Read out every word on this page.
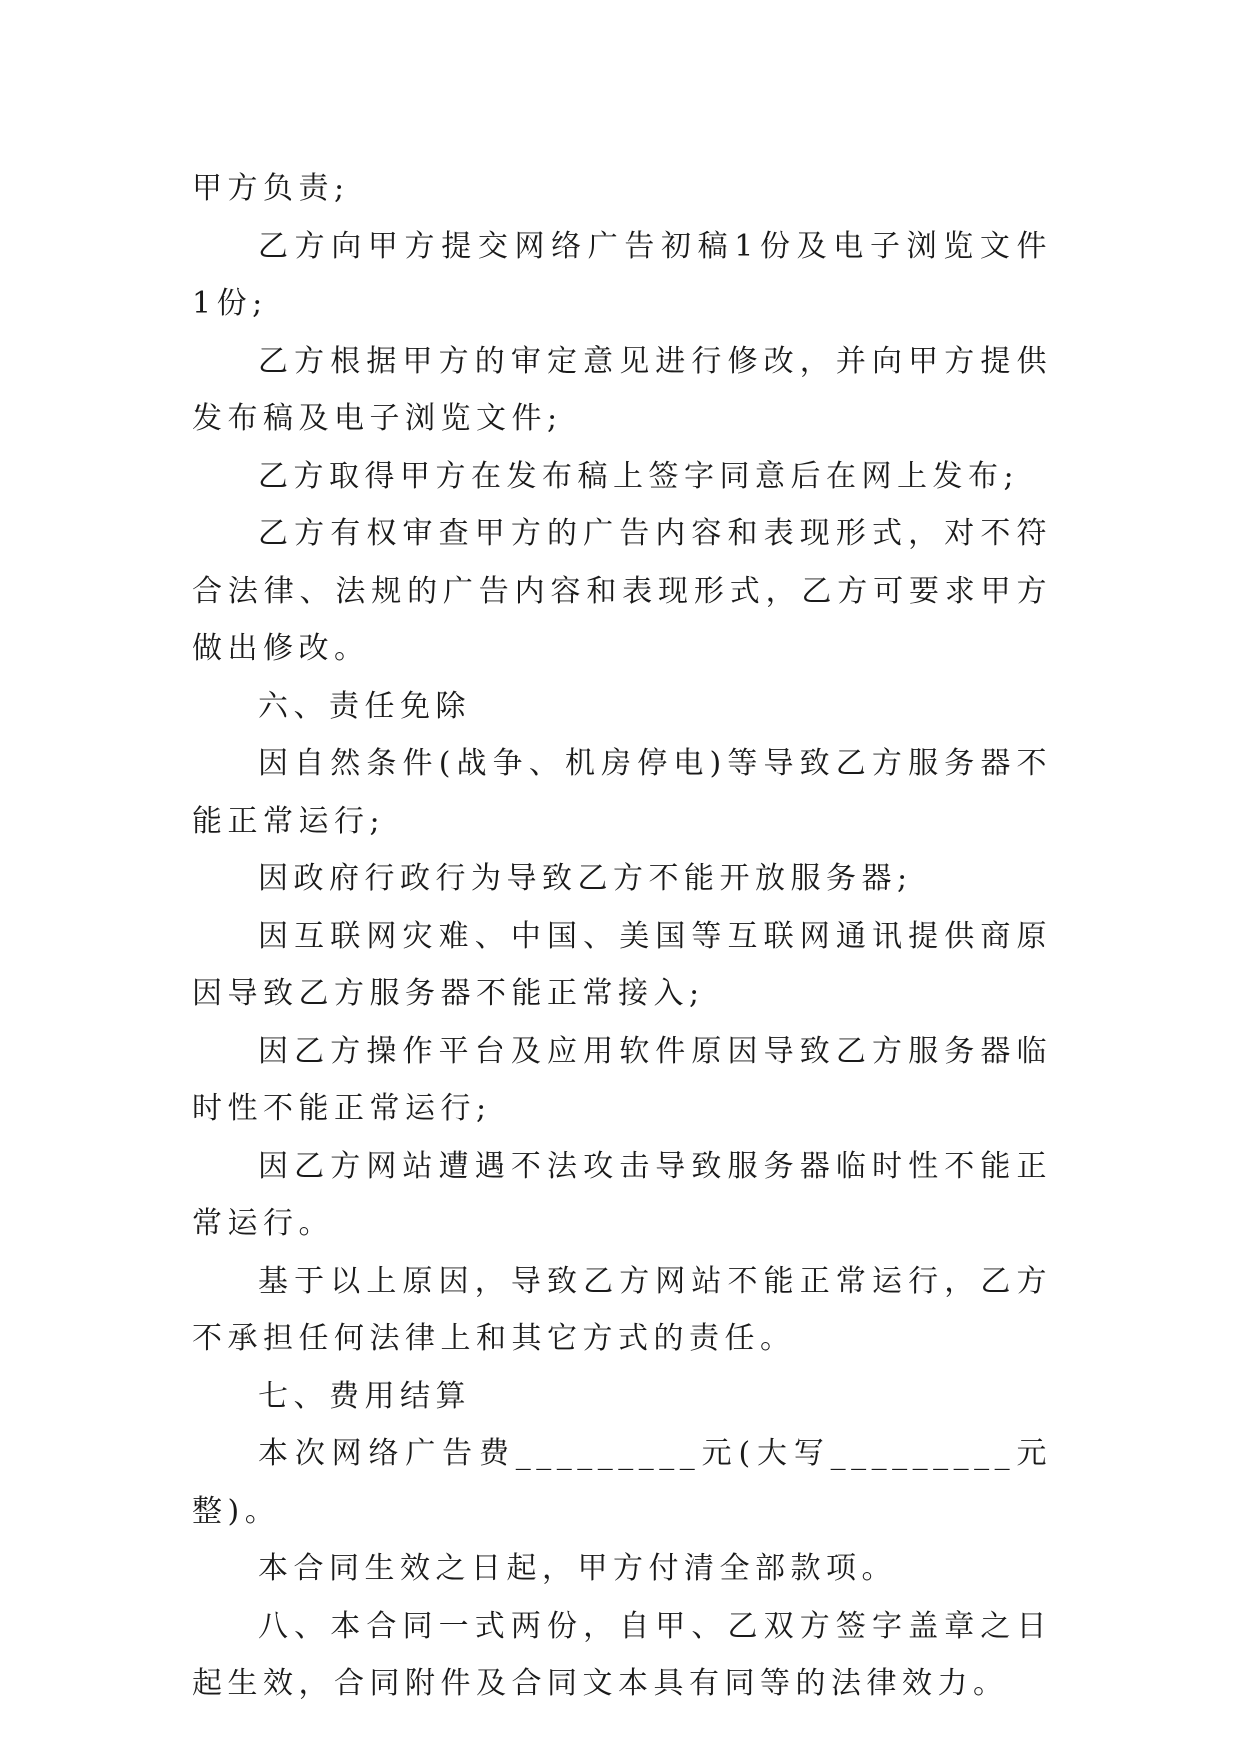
甲方负责;

乙方向甲方提交网络广告初稿1份及电子浏览文件1份;

乙方根据甲方的审定意见进行修改，并向甲方提供发布稿及电子浏览文件;

乙方取得甲方在发布稿上签字同意后在网上发布;

乙方有权审查甲方的广告内容和表现形式，对不符合法律、法规的广告内容和表现形式，乙方可要求甲方做出修改。

六、责任免除

因自然条件(战争、机房停电)等导致乙方服务器不能正常运行;

因政府行政行为导致乙方不能开放服务器;

因互联网灾难、中国、美国等互联网通讯提供商原因导致乙方服务器不能正常接入;

因乙方操作平台及应用软件原因导致乙方服务器临时性不能正常运行;

因乙方网站遭遇不法攻击导致服务器临时性不能正常运行。

基于以上原因，导致乙方网站不能正常运行，乙方不承担任何法律上和其它方式的责任。

七、费用结算

本次网络广告费_________元(大写_________元整)。

本合同生效之日起，甲方付清全部款项。

八、本合同一式两份，自甲、乙双方签字盖章之日起生效，合同附件及合同文本具有同等的法律效力。
